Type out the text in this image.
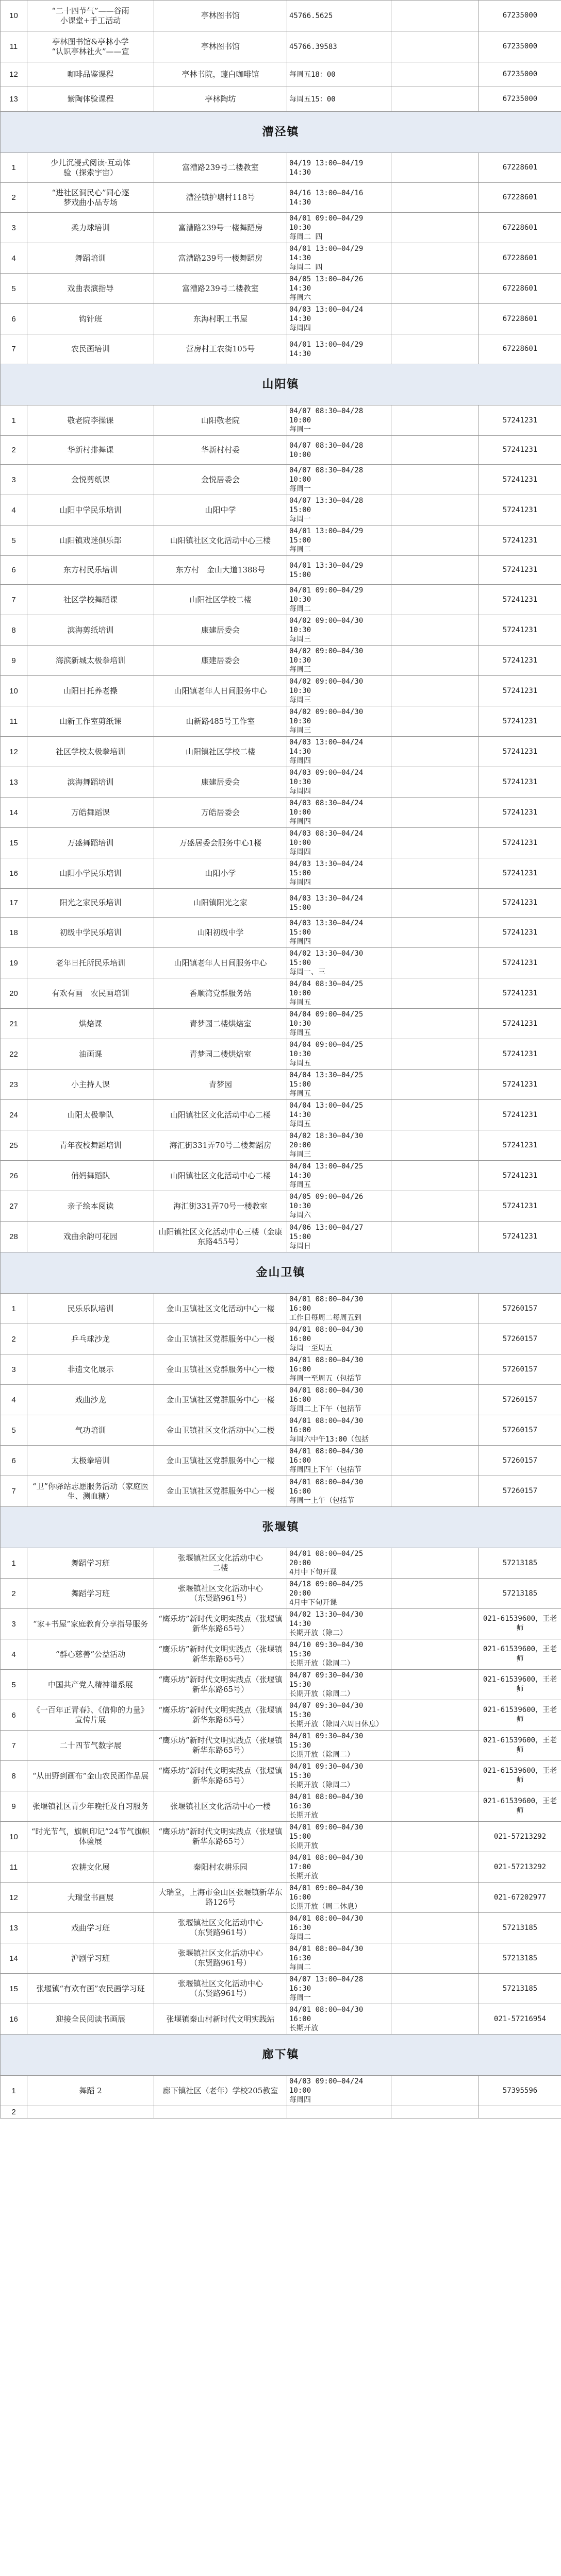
10	“二十四节气”——谷雨
小课堂+手工活动	亭林图书馆	45766.5625		67235000
11	亭林图书馆&亭林小学
“认识亭林社火”——宣	亭林图书馆	45766.39583		67235000
12	咖啡品鉴课程	亭林书院，蘧白咖啡馆	每周五18：00		67235000
13	紫陶体验课程	亭林陶坊	每周五15：00		67235000
漕泾镇					
1	少儿沉浸式阅读·互动体
验（探索宇宙）	富漕路239号二楼教室	04/19 13:00—04/19
14:30		67228601
2	“进社区洞民心”同心逐
梦戏曲小品专场	漕泾镇护塘村118号	04/16 13:00—04/16
14:30		67228601
3	柔力球培训	富漕路239号一楼舞蹈房	04/01 09:00—04/29
10:30
每周二 四		67228601
4	舞蹈培训	富漕路239号一楼舞蹈房	04/01 13:00—04/29
14:30
每周二 四		67228601
5	戏曲表演指导	富漕路239号二楼教室	04/05 13:00—04/26
14:30
每周六		67228601
6	钩针班	东海村职工书屋	04/03 13:00—04/24
14:30
每周四		67228601
7	农民画培训	营房村工农街105号	04/01 13:00—04/29
14:30		67228601
山阳镇					
1	敬老院李操课	山阳敬老院	04/07 08:30—04/28
10:00
每周一		57241231
2	华新村排舞课	华新村村委	04/07 08:30—04/28
10:00		57241231
3	金悦剪纸课	金悦居委会	04/07 08:30—04/28
10:00
每周一		57241231
4	山阳中学民乐培训	山阳中学	04/07 13:30—04/28
15:00
每周一		57241231
5	山阳镇戏迷俱乐部	山阳镇社区文化活动中心三楼	04/01 13:00—04/29
15:00
每周二		57241231
6	东方村民乐培训	东方村　金山大道1388号	04/01 13:30—04/29
15:00		57241231
7	社区学校舞蹈课	山阳社区学校二楼	04/01 09:00—04/29
10:30
每周二		57241231
8	滨海剪纸培训	康建居委会	04/02 09:00—04/30
10:30
每周三		57241231
9	海滨新城太极拳培训	康建居委会	04/02 09:00—04/30
10:30
每周三		57241231
10	山阳日托养老操	山阳镇老年人日间服务中心	04/02 09:00—04/30
10:30
每周三		57241231
11	山新工作室剪纸课	山新路485号工作室	04/02 09:00—04/30
10:30
每周三		57241231
12	社区学校太极拳培训	山阳镇社区学校二楼	04/03 13:00—04/24
14:30
每周四		57241231
13	滨海舞蹈培训	康建居委会	04/03 09:00—04/24
10:30
每周四		57241231
14	万皓舞蹈课	万皓居委会	04/03 08:30—04/24
10:00
每周四		57241231
15	万盛舞蹈培训	万盛居委会服务中心1楼	04/03 08:30—04/24
10:00
每周四		57241231
16	山阳小学民乐培训	山阳小学	04/03 13:30—04/24
15:00
每周四		57241231
17	阳光之家民乐培训	山阳镇阳光之家	04/03 13:30—04/24
15:00		57241231
18	初级中学民乐培训	山阳初级中学	04/03 13:30—04/24
15:00
每周四		57241231
19	老年日托所民乐培训	山阳镇老年人日间服务中心	04/02 13:30—04/30
15:00
每周一、三		57241231
20	有欢有画　农民画培训	香顺湾党群服务站	04/04 08:30—04/25
10:00
每周五		57241231
21	烘焙课	青梦园二楼烘焙室	04/04 09:00—04/25
10:30
每周五		57241231
22	油画课	青梦园二楼烘焙室	04/04 09:00—04/25
10:30
每周五		57241231
23	小主持人课	青梦园	04/04 13:30—04/25
15:00
每周五		57241231
24	山阳太极拳队	山阳镇社区文化活动中心二楼	04/04 13:00—04/25
14:30
每周五		57241231
25	青年夜校舞蹈培训	海汇街331弄70号二楼舞蹈房	04/02 18:30—04/30
20:00
每周三		57241231
26	俏妈舞蹈队	山阳镇社区文化活动中心二楼	04/04 13:00—04/25
14:30
每周五		57241231
27	亲子绘本阅读	海汇街331弄70号一楼教室	04/05 09:00—04/26
10:30
每周六		57241231
28	戏曲余韵可花园	山阳镇社区文化活动中心三楼（金康东路455号）	04/06 13:00—04/27
15:00
每周日		57241231
金山卫镇					
1	民乐乐队培训	金山卫镇社区文化活动中心一楼	04/01 08:00—04/30
16:00
工作日每周二每周五到		57260157
2	乒乓球沙龙	金山卫镇社区党群服务中心一楼	04/01 08:00—04/30
16:00
每周一至周五		57260157
3	非遗文化展示	金山卫镇社区党群服务中心一楼	04/01 08:00—04/30
16:00
每周一至周五（包括节		57260157
4	戏曲沙龙	金山卫镇社区党群服务中心一楼	04/01 08:00—04/30
16:00
每周二上下午（包括节		57260157
5	气功培训	金山卫镇社区文化活动中心二楼	04/01 08:00—04/30
16:00
每周六中午13:00（包括		57260157
6	太极拳培训	金山卫镇社区党群服务中心一楼	04/01 08:00—04/30
16:00
每周四上下午（包括节		57260157
7	“卫”你驿站志愿服务活动（家庭医生、测血糖）	金山卫镇社区党群服务中心一楼	04/01 08:00—04/30
16:00
每周一上午（包括节		57260157
张堰镇					
1	舞蹈学习班	张堰镇社区文化活动中心
二楼	04/01 08:00—04/25
20:00
4月中下旬开课		57213185
2	舞蹈学习班	张堰镇社区文化活动中心
（东贤路961号）	04/18 09:00—04/25
20:00
4月中下旬开课		57213185
3	“家+书屋”家庭教育分享指导服务	“鹰乐坊”新时代文明实践点（张堰镇新华东路65号）	04/02 13:30—04/30
14:30
长期开放（除二）		021-61539600，王老师
4	“群心慈善”公益活动	“鹰乐坊”新时代文明实践点（张堰镇新华东路65号）	04/10 09:30—04/30
15:30
长期开放（除周二）		021-61539600，王老师
5	中国共产党人精神谱系展	“鹰乐坊”新时代文明实践点（张堰镇新华东路65号）	04/07 09:30—04/30
15:30
长期开放（除周二）		021-61539600，王老师
6	《一百年正青春》、《信仰的力量》宣传片展	“鹰乐坊”新时代文明实践点（张堰镇新华东路65号）	04/07 09:30—04/30
15:30
长期开放（除周六周日休息）		021-61539600，王老师
7	二十四节气数字展	“鹰乐坊”新时代文明实践点（张堰镇新华东路65号）	04/01 09:30—04/30
15:30
长期开放（除周二）		021-61539600，王老师
8	“从田野到画布”金山农民画作品展	“鹰乐坊”新时代文明实践点（张堰镇新华东路65号）	04/01 09:30—04/30
15:30
长期开放（除周二）		021-61539600，王老师
9	张堰镇社区青少年晚托及自习服务	张堰镇社区文化活动中心一楼	04/01 08:00—04/30
16:30
长期开放		021-61539600，王老师
10	“时光节气，旗帆印记”24节气旗帜体验展	“鹰乐坊”新时代文明实践点（张堰镇新华东路65号）	04/01 09:00—04/30
15:00
长期开放		021-57213292
11	农耕文化展	秦阳村农耕乐园	04/01 08:00—04/30
17:00
长期开放		021-57213292
12	大瑞堂书画展	大瑞堂，上海市金山区张堰镇新华东路126号	04/01 09:00—04/30
16:00
长期开放（周二休息）		021-67202977
13	戏曲学习班	张堰镇社区文化活动中心
（东贤路961号）	04/01 08:00—04/30
16:30
每周二		57213185
14	沪剧学习班	张堰镇社区文化活动中心
（东贤路961号）	04/01 08:00—04/30
16:30
每周二		57213185
15	张堰镇“有欢有画”农民画学习班	张堰镇社区文化活动中心
（东贤路961号）	04/07 13:00—04/28
16:30
每周一		57213185
16	迎接全民阅读书画展	张堰镇秦山村新时代文明实践站	04/01 08:00—04/30
16:00
长期开放		021-57216954
廊下镇					
1	舞蹈 2	廊下镇社区（老年）学校205教室	04/03 09:00—04/24
10:00
每周四		57395596
2					
